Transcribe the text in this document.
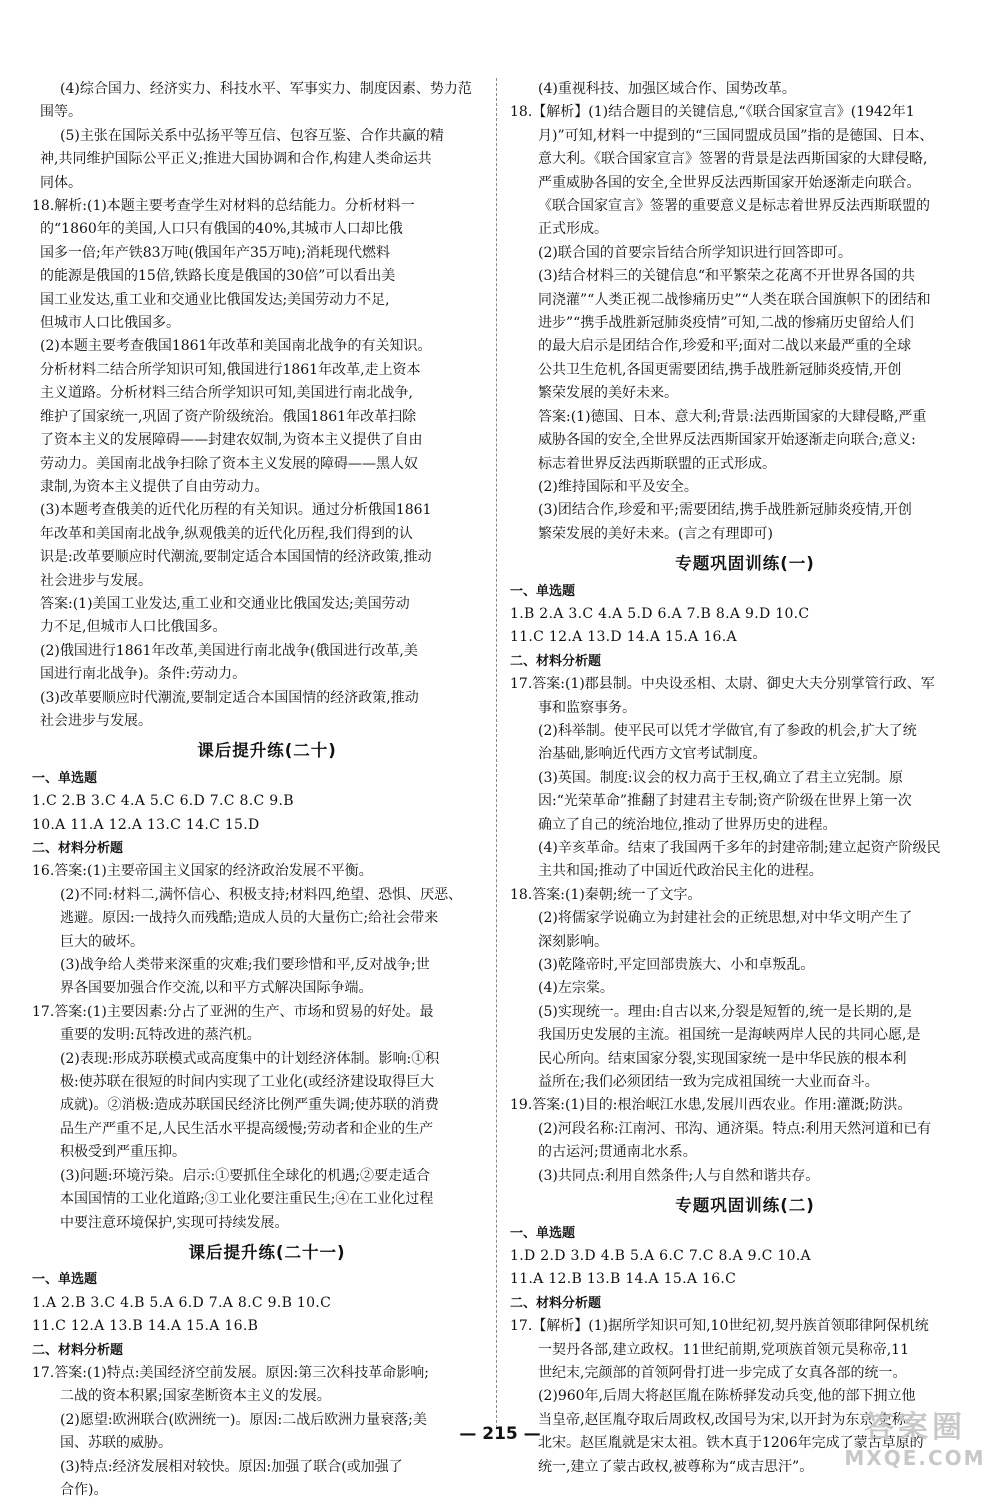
(4)综合国力、经济实力、科技水平、军事实力、制度因素、势力范
围等。
(5)主张在国际关系中弘扬平等互信、包容互鉴、合作共赢的精
神,共同维护国际公平正义;推进大国协调和合作,构建人类命运共
同体。
18.解析:(1)本题主要考查学生对材料的总结能力。分析材料一
的“1860年的美国,人口只有俄国的40%,其城市人口却比俄
国多一倍;年产铁83万吨(俄国年产35万吨);消耗现代燃料
的能源是俄国的15倍,铁路长度是俄国的30倍”可以看出美
国工业发达,重工业和交通业比俄国发达;美国劳动力不足,
但城市人口比俄国多。
(2)本题主要考查俄国1861年改革和美国南北战争的有关知识。
分析材料二结合所学知识可知,俄国进行1861年改革,走上资本
主义道路。分析材料三结合所学知识可知,美国进行南北战争,
维护了国家统一,巩固了资产阶级统治。俄国1861年改革扫除
了资本主义的发展障碍——封建农奴制,为资本主义提供了自由
劳动力。美国南北战争扫除了资本主义发展的障碍——黑人奴
隶制,为资本主义提供了自由劳动力。
(3)本题考查俄美的近代化历程的有关知识。通过分析俄国1861
年改革和美国南北战争,纵观俄美的近代化历程,我们得到的认
识是:改革要顺应时代潮流,要制定适合本国国情的经济政策,推动
社会进步与发展。
答案:(1)美国工业发达,重工业和交通业比俄国发达;美国劳动
力不足,但城市人口比俄国多。
(2)俄国进行1861年改革,美国进行南北战争(俄国进行改革,美
国进行南北战争)。条件:劳动力。
(3)改革要顺应时代潮流,要制定适合本国国情的经济政策,推动
社会进步与发展。
课后提升练(二十)
一、单选题
1.C 2.B 3.C 4.A 5.C 6.D 7.C 8.C 9.B
10.A 11.A 12.A 13.C 14.C 15.D
二、材料分析题
16.答案:(1)主要帝国主义国家的经济政治发展不平衡。
(2)不同:材料二,满怀信心、积极支持;材料四,绝望、恐惧、厌恶、
逃避。原因:一战持久而残酷;造成人员的大量伤亡;给社会带来
巨大的破坏。
(3)战争给人类带来深重的灾难;我们要珍惜和平,反对战争;世
界各国要加强合作交流,以和平方式解决国际争端。
17.答案:(1)主要因素:分占了亚洲的生产、市场和贸易的好处。最
重要的发明:瓦特改进的蒸汽机。
(2)表现:形成苏联模式或高度集中的计划经济体制。影响:①积
极:使苏联在很短的时间内实现了工业化(或经济建设取得巨大
成就)。②消极:造成苏联国民经济比例严重失调;使苏联的消费
品生产严重不足,人民生活水平提高缓慢;劳动者和企业的生产
积极受到严重压抑。
(3)问题:环境污染。启示:①要抓住全球化的机遇;②要走适合
本国国情的工业化道路;③工业化要注重民生;④在工业化过程
中要注意环境保护,实现可持续发展。
课后提升练(二十一)
一、单选题
1.A 2.B 3.C 4.B 5.A 6.D 7.A 8.C 9.B 10.C
11.C 12.A 13.B 14.A 15.A 16.B
二、材料分析题
17.答案:(1)特点:美国经济空前发展。原因:第三次科技革命影响;
二战的资本积累;国家垄断资本主义的发展。
(2)愿望:欧洲联合(欧洲统一)。原因:二战后欧洲力量衰落;美
国、苏联的威胁。
(3)特点:经济发展相对较快。原因:加强了联合(或加强了
合作)。
(4)重视科技、加强区域合作、国势改革。
18.【解析】(1)结合题目的关键信息,“《联合国家宣言》(1942年1
月)”可知,材料一中提到的“三国同盟成员国”指的是德国、日本、
意大利。《联合国家宣言》签署的背景是法西斯国家的大肆侵略,
严重威胁各国的安全,全世界反法西斯国家开始逐渐走向联合。
《联合国家宣言》签署的重要意义是标志着世界反法西斯联盟的
正式形成。
(2)联合国的首要宗旨结合所学知识进行回答即可。
(3)结合材料三的关键信息“和平繁荣之花离不开世界各国的共
同浇灌”“人类正视二战惨痛历史”“人类在联合国旗帜下的团结和
进步”“携手战胜新冠肺炎疫情”可知,二战的惨痛历史留给人们
的最大启示是团结合作,珍爱和平;面对二战以来最严重的全球
公共卫生危机,各国更需要团结,携手战胜新冠肺炎疫情,开创
繁荣发展的美好未来。
答案:(1)德国、日本、意大利;背景:法西斯国家的大肆侵略,严重
威胁各国的安全,全世界反法西斯国家开始逐渐走向联合;意义:
标志着世界反法西斯联盟的正式形成。
(2)维持国际和平及安全。
(3)团结合作,珍爱和平;需要团结,携手战胜新冠肺炎疫情,开创
繁荣发展的美好未来。(言之有理即可)
专题巩固训练(一)
一、单选题
1.B 2.A 3.C 4.A 5.D 6.A 7.B 8.A 9.D 10.C
11.C 12.A 13.D 14.A 15.A 16.A
二、材料分析题
17.答案:(1)郡县制。中央设丞相、太尉、御史大夫分别掌管行政、军
事和监察事务。
(2)科举制。使平民可以凭才学做官,有了参政的机会,扩大了统
治基础,影响近代西方文官考试制度。
(3)英国。制度:议会的权力高于王权,确立了君主立宪制。原
因:“光荣革命”推翻了封建君主专制;资产阶级在世界上第一次
确立了自己的统治地位,推动了世界历史的进程。
(4)辛亥革命。结束了我国两千多年的封建帝制;建立起资产阶级民
主共和国;推动了中国近代政治民主化的进程。
18.答案:(1)秦朝;统一了文字。
(2)将儒家学说确立为封建社会的正统思想,对中华文明产生了
深刻影响。
(3)乾隆帝时,平定回部贵族大、小和卓叛乱。
(4)左宗棠。
(5)实现统一。理由:自古以来,分裂是短暂的,统一是长期的,是
我国历史发展的主流。祖国统一是海峡两岸人民的共同心愿,是
民心所向。结束国家分裂,实现国家统一是中华民族的根本利
益所在;我们必须团结一致为完成祖国统一大业而奋斗。
19.答案:(1)目的:根治岷江水患,发展川西农业。作用:灌溉;防洪。
(2)河段名称:江南河、邗沟、通济渠。特点:利用天然河道和已有
的古运河;贯通南北水系。
(3)共同点:利用自然条件;人与自然和谐共存。
专题巩固训练(二)
一、单选题
1.D 2.D 3.D 4.B 5.A 6.C 7.C 8.A 9.C 10.A
11.A 12.B 13.B 14.A 15.A 16.C
二、材料分析题
17.【解析】(1)据所学知识可知,10世纪初,契丹族首领耶律阿保机统
一契丹各部,建立政权。11世纪前期,党项族首领元昊称帝,11
世纪末,完颜部的首领阿骨打进一步完成了女真各部的统一。
(2)960年,后周大将赵匡胤在陈桥驿发动兵变,他的部下拥立他
当皇帝,赵匡胤夺取后周政权,改国号为宋,以开封为东京,史称
北宋。赵匡胤就是宋太祖。铁木真于1206年完成了蒙古草原的
统一,建立了蒙古政权,被尊称为“成吉思汗”。
— 215 —	答案圈
MXQE.COM
